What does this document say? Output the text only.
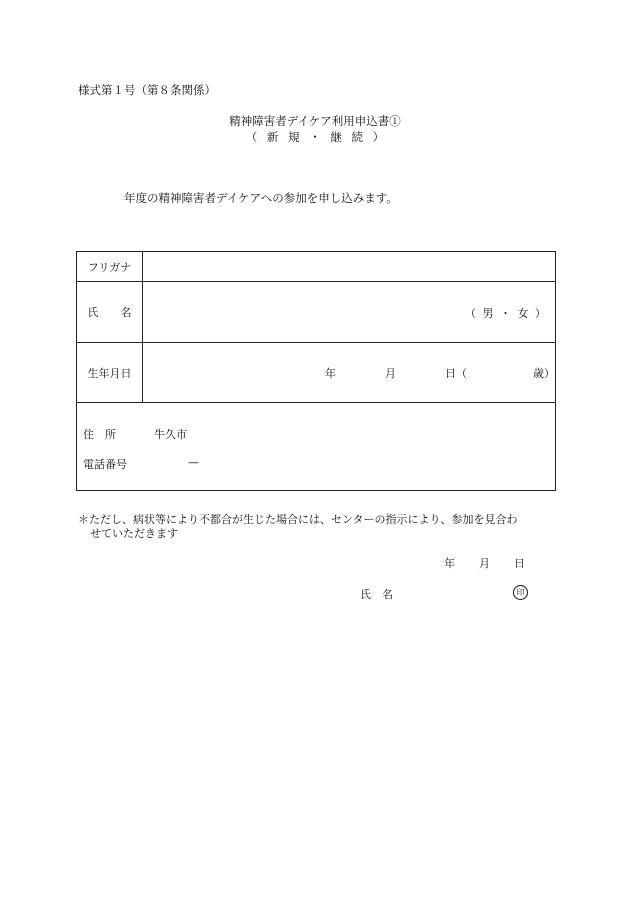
様式第１号（第８条関係）
精神障害者デイケア利用申込書①
（ 新 規 ・ 継 続 ）
年度の精神障害者デイケアへの参加を申し込みます。
フリガナ
氏　　名	（ 男 ・ 女 ）
生年月日	年	月	日（	歳）
住　所	牛久市
電話番号	—
＊ただし、病状等により不都合が生じた場合には、センターの指示により、参加を見合わ
せていただきます
年 月 日
氏　名	印
